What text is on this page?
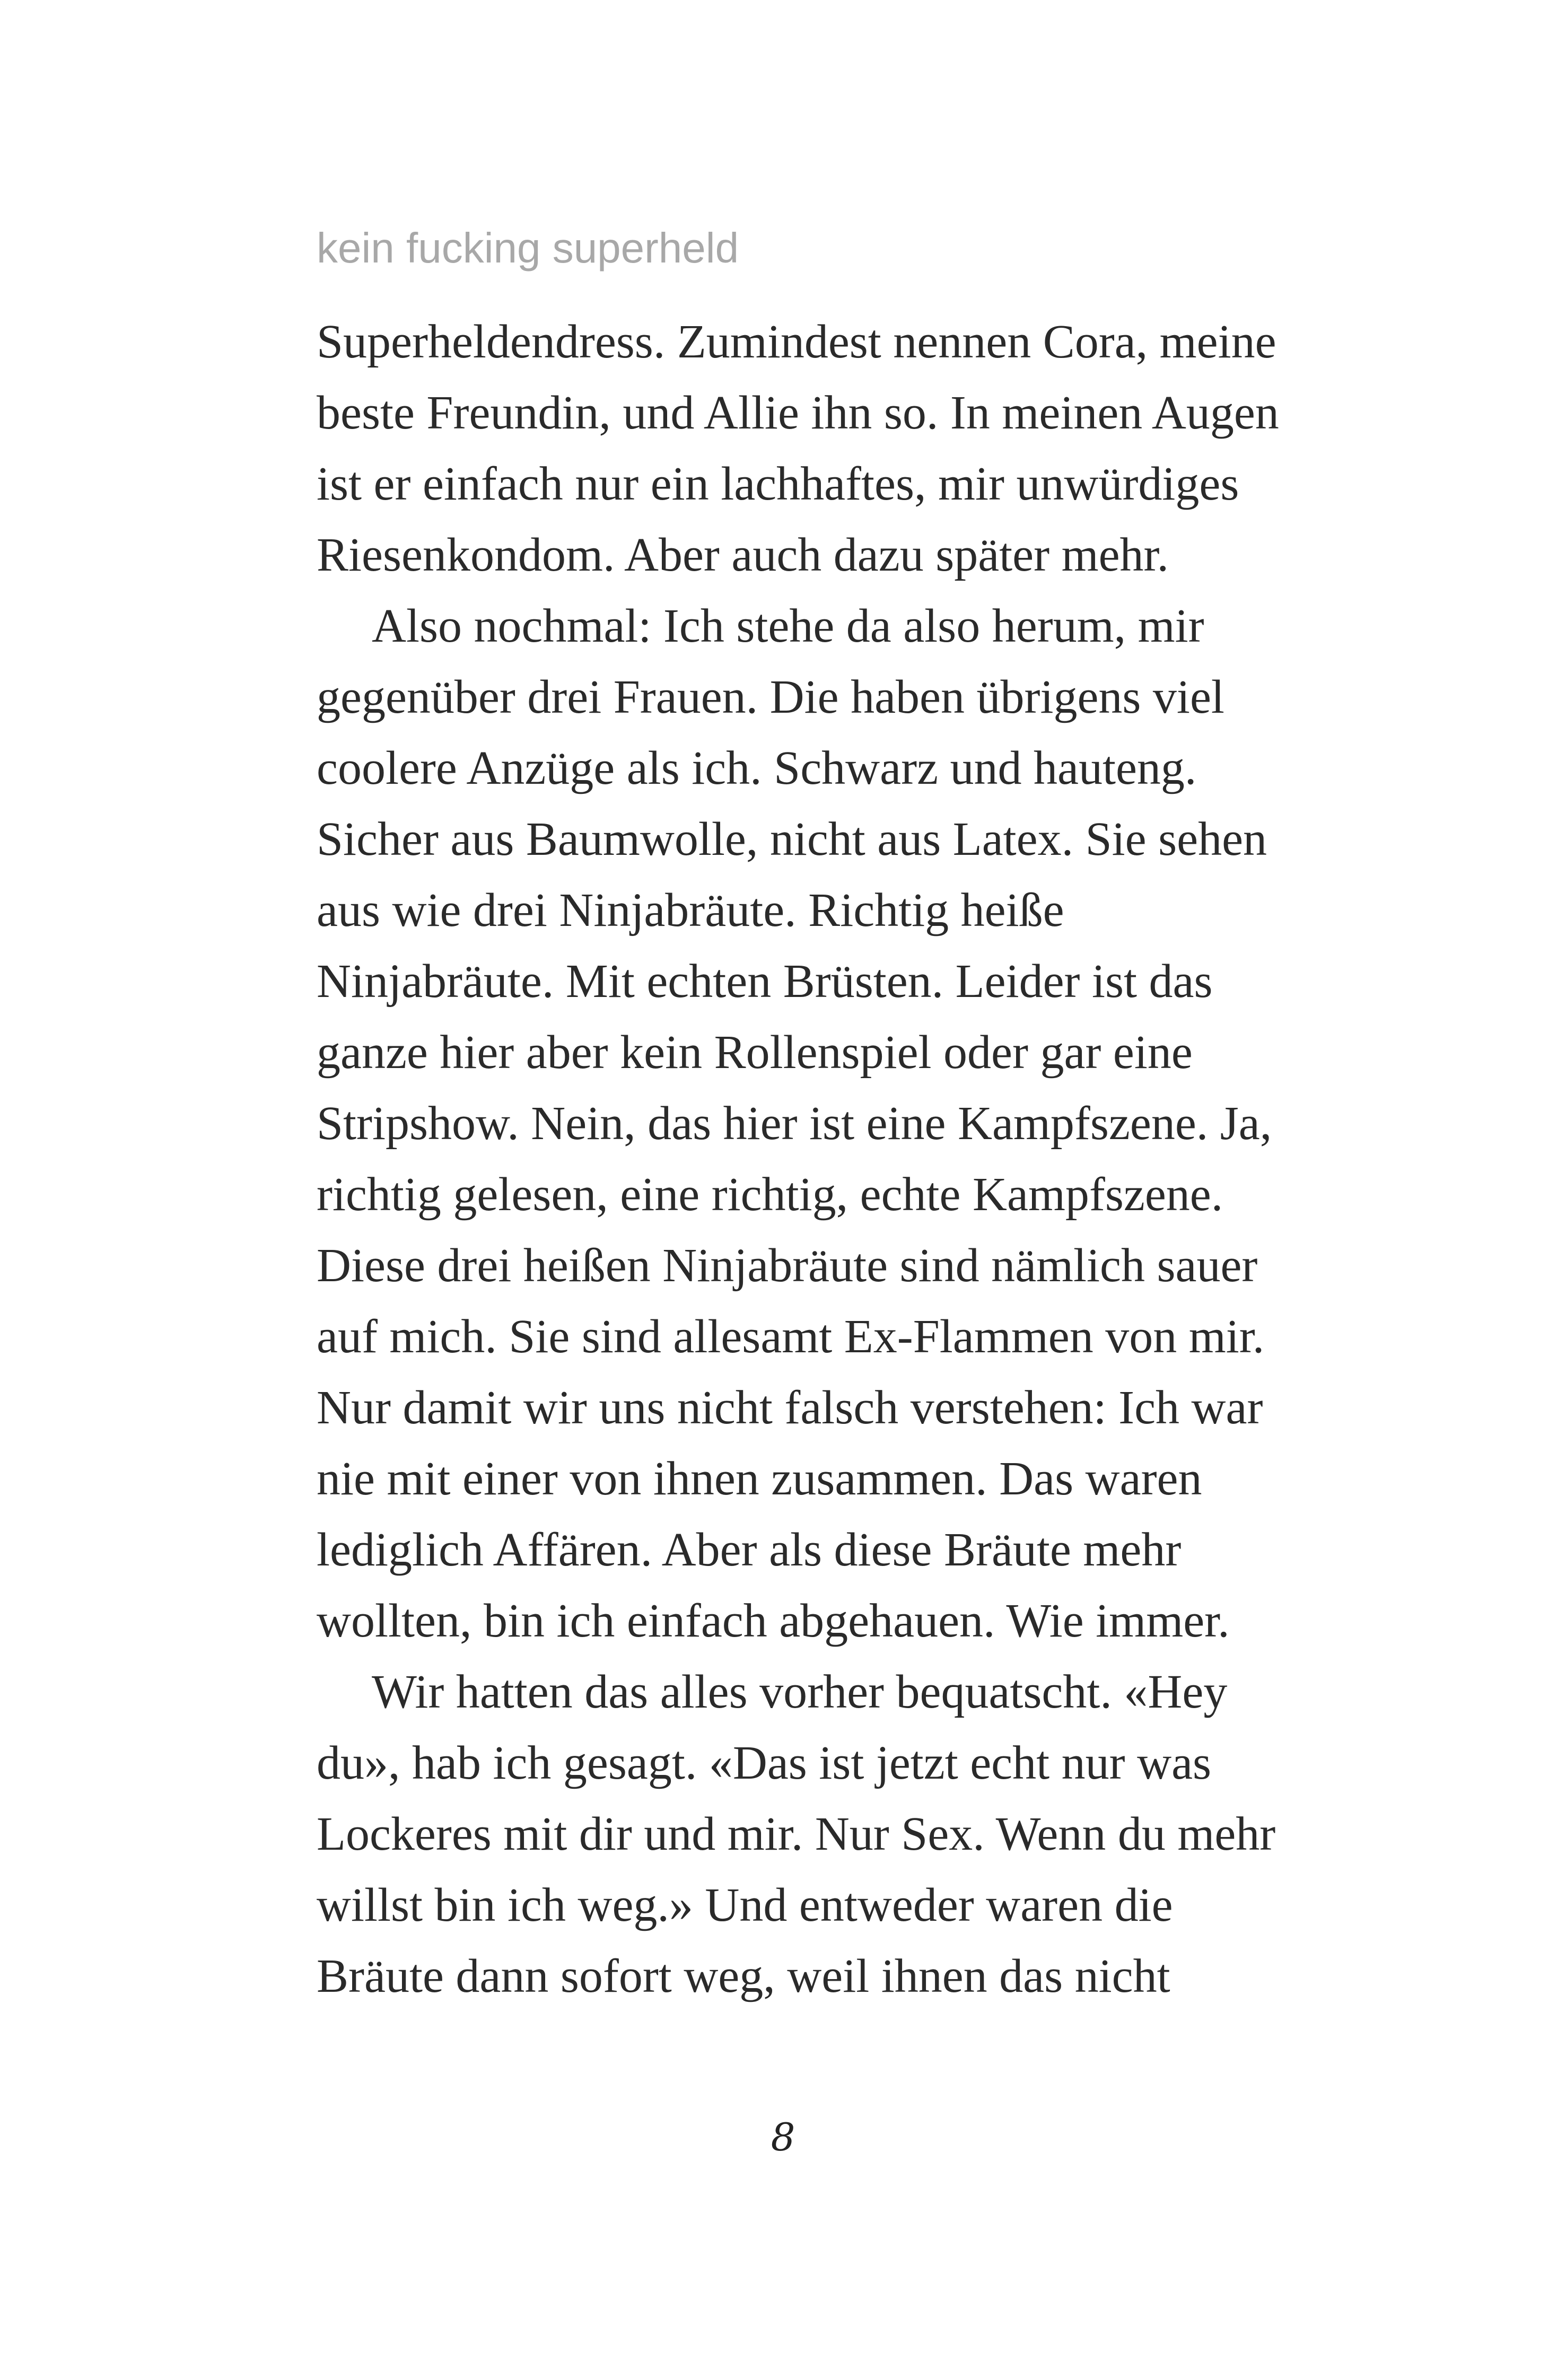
kein fucking superheld
Superheldendress. Zumindest nennen Cora, meine
beste Freundin, und Allie ihn so. In meinen Augen
ist er einfach nur ein lachhaftes, mir unwürdiges
Riesenkondom. Aber auch dazu später mehr.
Also nochmal: Ich stehe da also herum, mir
gegenüber drei Frauen. Die haben übrigens viel
coolere Anzüge als ich. Schwarz und hauteng.
Sicher aus Baumwolle, nicht aus Latex. Sie sehen
aus wie drei Ninjabräute. Richtig heiße
Ninjabräute. Mit echten Brüsten. Leider ist das
ganze hier aber kein Rollenspiel oder gar eine
Stripshow. Nein, das hier ist eine Kampfszene. Ja,
richtig gelesen, eine richtig, echte Kampfszene.
Diese drei heißen Ninjabräute sind nämlich sauer
auf mich. Sie sind allesamt Ex-Flammen von mir.
Nur damit wir uns nicht falsch verstehen: Ich war
nie mit einer von ihnen zusammen. Das waren
lediglich Affären. Aber als diese Bräute mehr
wollten, bin ich einfach abgehauen. Wie immer.
Wir hatten das alles vorher bequatscht. «Hey
du», hab ich gesagt. «Das ist jetzt echt nur was
Lockeres mit dir und mir. Nur Sex. Wenn du mehr
willst bin ich weg.» Und entweder waren die
Bräute dann sofort weg, weil ihnen das nicht
8
